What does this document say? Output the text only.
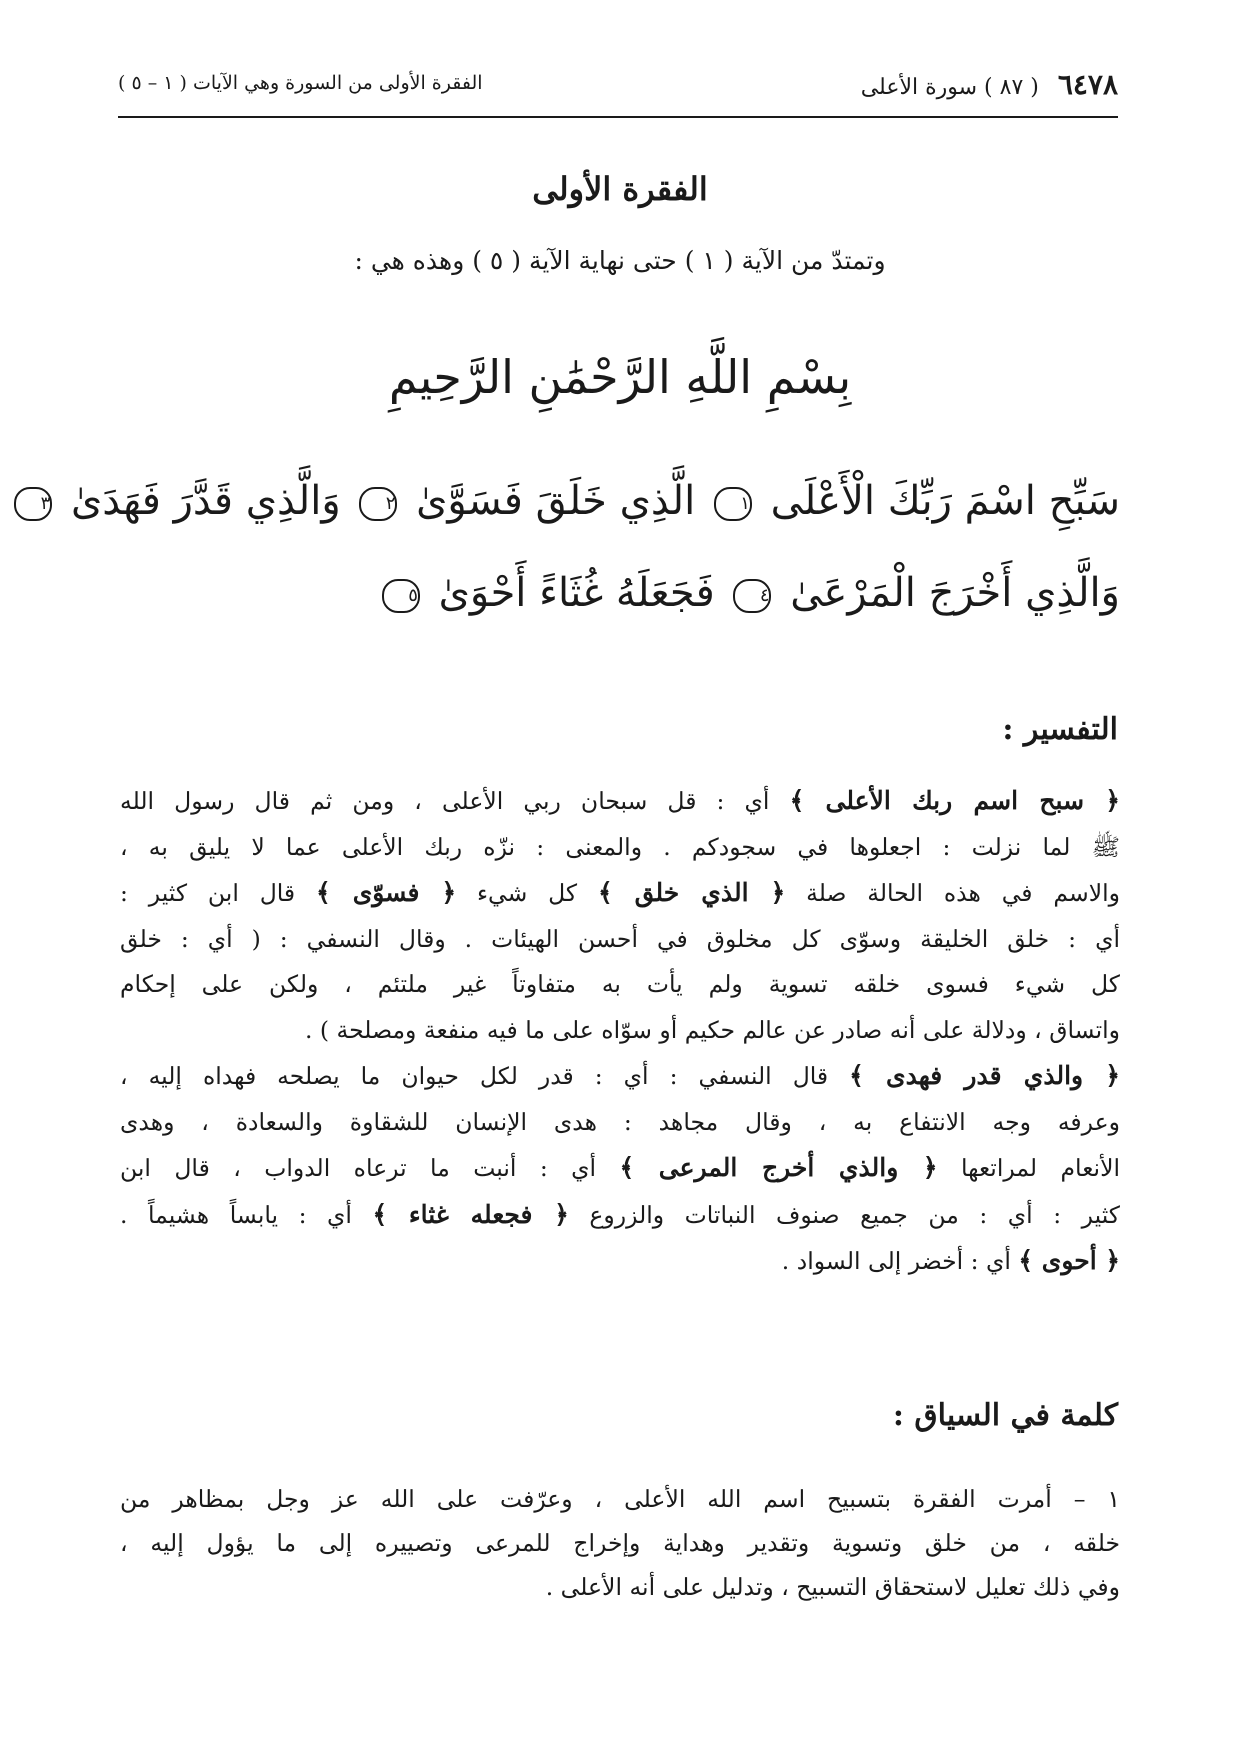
٦٤٧٨ ( ٨٧ ) سورة الأعلى
الفقرة الأولى من السورة وهي الآيات ( ١ – ٥ )
الفقرة الأولى
وتمتدّ من الآية ( ١ ) حتى نهاية الآية ( ٥ ) وهذه هي :
بِسْمِ اللَّهِ الرَّحْمَٰنِ الرَّحِيمِ
سَبِّحِ اسْمَ رَبِّكَ الْأَعْلَى ١ الَّذِي خَلَقَ فَسَوَّىٰ ٢ وَالَّذِي قَدَّرَ فَهَدَىٰ ٣
وَالَّذِي أَخْرَجَ الْمَرْعَىٰ ٤ فَجَعَلَهُ غُثَاءً أَحْوَىٰ ٥
التفسير :
﴿ سبح اسم ربك الأعلى ﴾ أي : قل سبحان ربي الأعلى ، ومن ثم قال رسول الله
ﷺ لما نزلت : اجعلوها في سجودكم . والمعنى : نزّه ربك الأعلى عما لا يليق به ،
والاسم في هذه الحالة صلة ﴿ الذي خلق ﴾ كل شيء ﴿ فسوّى ﴾ قال ابن كثير :
أي : خلق الخليقة وسوّى كل مخلوق في أحسن الهيئات . وقال النسفي : ( أي : خلق
كل شيء فسوى خلقه تسوية ولم يأت به متفاوتاً غير ملتئم ، ولكن على إحكام
واتساق ، ودلالة على أنه صادر عن عالم حكيم أو سوّاه على ما فيه منفعة ومصلحة ) .
﴿ والذي قدر فهدى ﴾ قال النسفي : أي : قدر لكل حيوان ما يصلحه فهداه إليه ،
وعرفه وجه الانتفاع به ، وقال مجاهد : هدى الإنسان للشقاوة والسعادة ، وهدى
الأنعام لمراتعها ﴿ والذي أخرج المرعى ﴾ أي : أنبت ما ترعاه الدواب ، قال ابن
كثير : أي : من جميع صنوف النباتات والزروع ﴿ فجعله غثاء ﴾ أي : يابساً هشيماً .
﴿ أحوى ﴾ أي : أخضر إلى السواد .
كلمة في السياق :
١ – أمرت الفقرة بتسبيح اسم الله الأعلى ، وعرّفت على الله عز وجل بمظاهر من
خلقه ، من خلق وتسوية وتقدير وهداية وإخراج للمرعى وتصييره إلى ما يؤول إليه ،
وفي ذلك تعليل لاستحقاق التسبيح ، وتدليل على أنه الأعلى .
